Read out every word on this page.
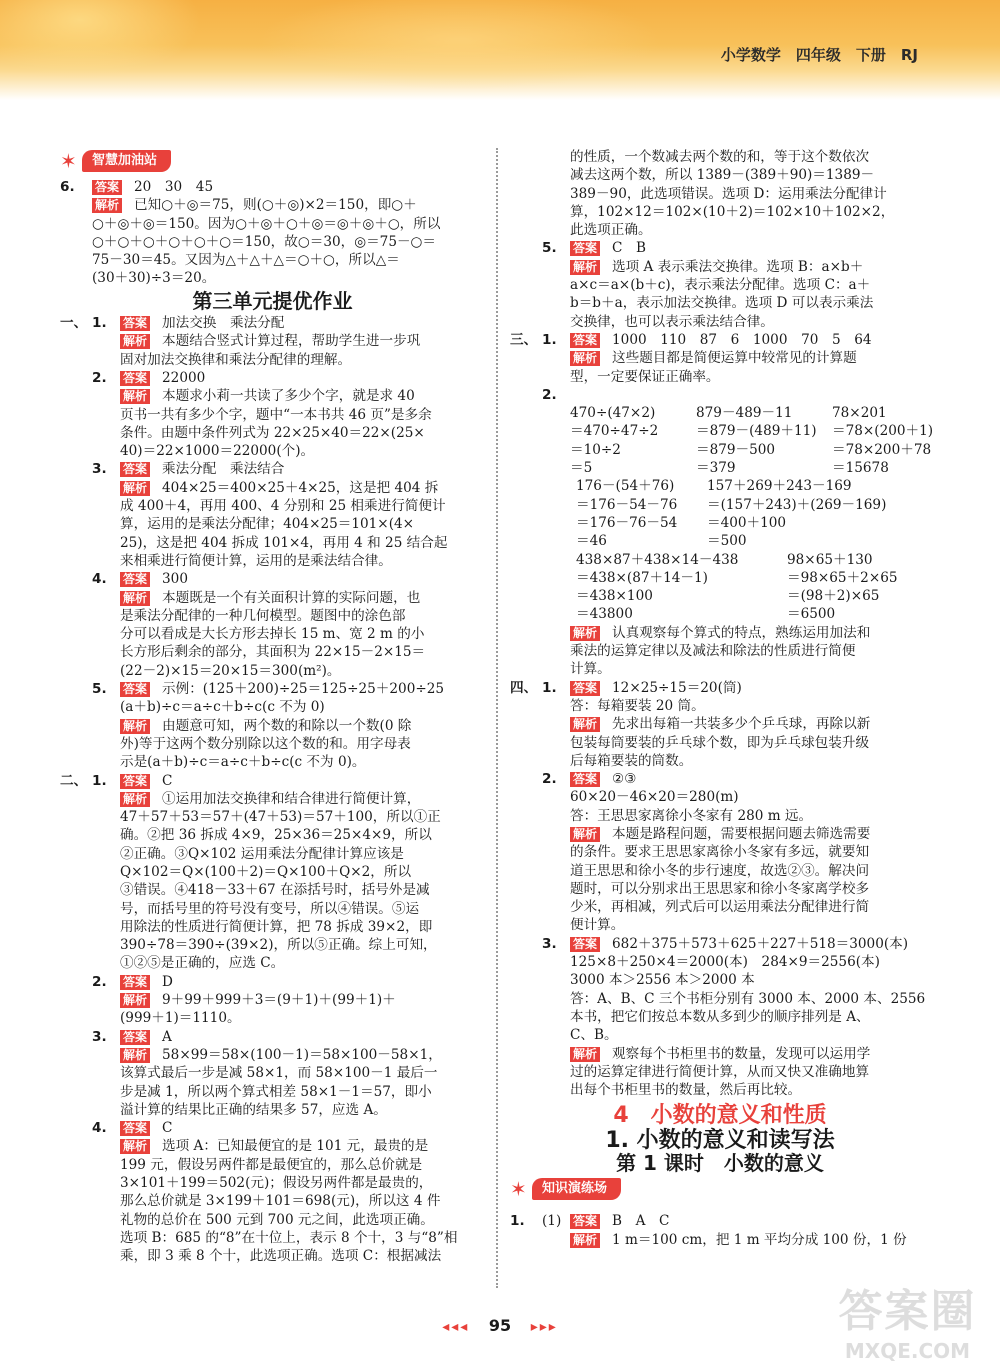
小学数学　四年级　下册　RJ
✶	智慧加油站
6.	答案 20　30　45
解析 已知○＋◎＝75，则(○＋◎)×2＝150，即○＋

○＋◎＋◎＝150。因为○＋◎＋○＋◎＝◎＋◎＋○，所以

○＋○＋○＋○＋○＋○＝150，故○＝30，◎＝75－○＝

75－30＝45。又因为△＋△＋△＝○＋○，所以△＝

(30＋30)÷3＝20。

第三单元提优作业
一、 1.	答案 加法交换　乘法分配
解析 本题结合竖式计算过程，帮助学生进一步巩

固对加法交换律和乘法分配律的理解。

2.	答案 22000
解析 本题求小莉一共读了多少个字，就是求 40

页书一共有多少个字，题中“一本书共 46 页”是多余

条件。由题中条件列式为 22×25×40＝22×(25×

40)＝22×1000＝22000(个)。

3.	答案 乘法分配　乘法结合
解析 404×25＝400×25＋4×25，这是把 404 拆

成 400＋4，再用 400、4 分别和 25 相乘进行简便计

算，运用的是乘法分配律；404×25＝101×(4×

25)，这是把 404 拆成 101×4，再用 4 和 25 结合起

来相乘进行简便计算，运用的是乘法结合律。

4.	答案 300
解析 本题既是一个有关面积计算的实际问题，也

是乘法分配律的一种几何模型。题图中的涂色部

分可以看成是大长方形去掉长 15 m、宽 2 m 的小

长方形后剩余的部分，其面积为 22×15－2×15＝

(22－2)×15＝20×15＝300(m²)。

5.	答案 示例：(125＋200)÷25＝125÷25＋200÷25

(a＋b)÷c＝a÷c＋b÷c(c 不为 0)

解析 由题意可知，两个数的和除以一个数(0 除

外)等于这两个数分别除以这个数的和。用字母表

示是(a＋b)÷c＝a÷c＋b÷c(c 不为 0)。

二、 1.	答案 C
解析 ①运用加法交换律和结合律进行简便计算，

47＋57＋53＝57＋(47＋53)＝57＋100，所以①正

确。②把 36 拆成 4×9，25×36＝25×4×9，所以

②正确。③Q×102 运用乘法分配律计算应该是

Q×102＝Q×(100＋2)＝Q×100＋Q×2，所以

③错误。④418－33＋67 在添括号时，括号外是减

号，而括号里的符号没有变号，所以④错误。⑤运

用除法的性质进行简便计算，把 78 拆成 39×2，即

390÷78＝390÷(39×2)，所以⑤正确。综上可知，

①②⑤是正确的，应选 C。

2.	答案 D
解析 9＋99＋999＋3＝(9＋1)＋(99＋1)＋

(999＋1)＝1110。

3.	答案 A
解析 58×99＝58×(100－1)＝58×100－58×1，

该算式最后一步是减 58×1，而 58×100－1 最后一

步是减 1，所以两个算式相差 58×1－1＝57，即小

溢计算的结果比正确的结果多 57，应选 A。

4.	答案 C
解析 选项 A：已知最便宜的是 101 元，最贵的是

199 元，假设另两件都是最便宜的，那么总价就是

3×101＋199＝502(元)；假设另两件都是最贵的，

那么总价就是 3×199＋101＝698(元)，所以这 4 件

礼物的总价在 500 元到 700 元之间，此选项正确。

选项 B：685 的“8”在十位上，表示 8 个十，3 与“8”相

乘，即 3 乘 8 个十，此选项正确。选项 C：根据减法

的性质，一个数减去两个数的和，等于这个数依次

减去这两个数，所以 1389－(389＋90)＝1389－

389－90，此选项错误。选项 D：运用乘法分配律计

算，102×12＝102×(10＋2)＝102×10＋102×2，

此选项正确。

5.	答案 C　B
解析 选项 A 表示乘法交换律。选项 B：a×b＋

a×c＝a×(b＋c)，表示乘法分配律。选项 C：a＋

b＝b＋a，表示加法交换律。选项 D 可以表示乘法

交换律，也可以表示乘法结合律。

三、 1.	答案 1000　110　87　6　1000　70　5　64
解析 这些题目都是简便运算中较常见的计算题

型，一定要保证正确率。

2.
470÷(47×2)	879－489－11	78×201
＝470÷47÷2	＝879－(489＋11)	＝78×(200＋1)
＝10÷2	＝879－500	＝78×200＋78
＝5	＝379	＝15678
176－(54＋76)	157＋269＋243－169
＝176－54－76	＝(157＋243)＋(269－169)
＝176－76－54	＝400＋100
＝46	＝500
438×87＋438×14－438	98×65＋130
＝438×(87＋14－1)	＝98×65＋2×65
＝438×100	＝(98＋2)×65
＝43800	＝6500
解析 认真观察每个算式的特点，熟练运用加法和

乘法的运算定律以及减法和除法的性质进行简便

计算。

四、 1.	答案 12×25÷15＝20(筒)

答：每箱要装 20 筒。

解析 先求出每箱一共装多少个乒乓球，再除以新

包装每筒要装的乒乓球个数，即为乒乓球包装升级

后每箱要装的筒数。

2.	答案 ②③

60×20－46×20＝280(m)

答：王思思家离徐小冬家有 280 m 远。

解析 本题是路程问题，需要根据问题去筛选需要

的条件。要求王思思家离徐小冬家有多远，就要知

道王思思和徐小冬的步行速度，故选②③。解决问

题时，可以分别求出王思思家和徐小冬家离学校多

少米，再相减，列式后可以运用乘法分配律进行简

便计算。

3.	答案 682＋375＋573＋625＋227＋518＝3000(本)

125×8＋250×4＝2000(本)　284×9＝2556(本)

3000 本＞2556 本＞2000 本

答：A、B、C 三个书柜分别有 3000 本、2000 本、2556

本书，把它们按总本数从多到少的顺序排列是 A、

C、B。

解析 观察每个书柜里书的数量，发现可以运用学

过的运算定律进行简便计算，从而又快又准确地算

出每个书柜里书的数量，然后再比较。

4　小数的意义和性质
1. 小数的意义和读写法
第 1 课时　小数的意义
✶	知识演练场
1.	(1) 答案 B　A　C
解析 1 m＝100 cm，把 1 m 平均分成 100 份，1 份
◂◂◂ 95 ▸▸▸	答案圈
MXQE.COM
